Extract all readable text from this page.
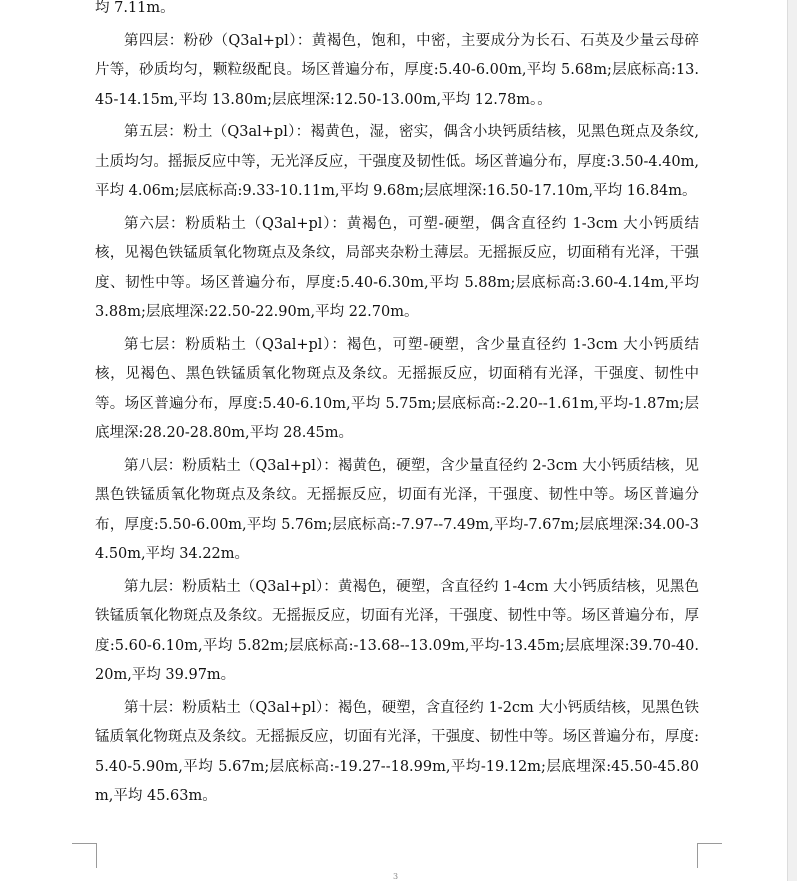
均 7.11m。

第四层：粉砂（Q3al+pl）：黄褐色，饱和，中密，主要成分为长石、石英及少量云母碎片等，砂质均匀，颗粒级配良。场区普遍分布，厚度:5.40-6.00m,平均 5.68m;层底标高:13.45-14.15m,平均 13.80m;层底埋深:12.50-13.00m,平均 12.78m。。

第五层：粉土（Q3al+pl）：褐黄色，湿，密实，偶含小块钙质结核，见黑色斑点及条纹,土质均匀。摇振反应中等，无光泽反应，干强度及韧性低。场区普遍分布，厚度:3.50-4.40m,平均 4.06m;层底标高:9.33-10.11m,平均 9.68m;层底埋深:16.50-17.10m,平均 16.84m。

第六层：粉质粘土（Q3al+pl）：黄褐色，可塑-硬塑，偶含直径约 1-3cm 大小钙质结核，见褐色铁锰质氧化物斑点及条纹，局部夹杂粉土薄层。无摇振反应，切面稍有光泽，干强度、韧性中等。场区普遍分布，厚度:5.40-6.30m,平均 5.88m;层底标高:3.60-4.14m,平均 3.88m;层底埋深:22.50-22.90m,平均 22.70m。

第七层：粉质粘土（Q3al+pl）：褐色，可塑-硬塑，含少量直径约 1-3cm 大小钙质结核，见褐色、黑色铁锰质氧化物斑点及条纹。无摇振反应，切面稍有光泽，干强度、韧性中等。场区普遍分布，厚度:5.40-6.10m,平均 5.75m;层底标高:-2.20--1.61m,平均-1.87m;层底埋深:28.20-28.80m,平均 28.45m。

第八层：粉质粘土（Q3al+pl）：褐黄色，硬塑，含少量直径约 2-3cm 大小钙质结核，见黑色铁锰质氧化物斑点及条纹。无摇振反应，切面有光泽，干强度、韧性中等。场区普遍分布，厚度:5.50-6.00m,平均 5.76m;层底标高:-7.97--7.49m,平均-7.67m;层底埋深:34.00-34.50m,平均 34.22m。

第九层：粉质粘土（Q3al+pl）：黄褐色，硬塑，含直径约 1-4cm 大小钙质结核，见黑色铁锰质氧化物斑点及条纹。无摇振反应，切面有光泽，干强度、韧性中等。场区普遍分布，厚度:5.60-6.10m,平均 5.82m;层底标高:-13.68--13.09m,平均-13.45m;层底埋深:39.70-40.20m,平均 39.97m。

第十层：粉质粘土（Q3al+pl）：褐色，硬塑，含直径约 1-2cm 大小钙质结核，见黑色铁锰质氧化物斑点及条纹。无摇振反应，切面有光泽，干强度、韧性中等。场区普遍分布，厚度:5.40-5.90m,平均 5.67m;层底标高:-19.27--18.99m,平均-19.12m;层底埋深:45.50-45.80m,平均 45.63m。

3
